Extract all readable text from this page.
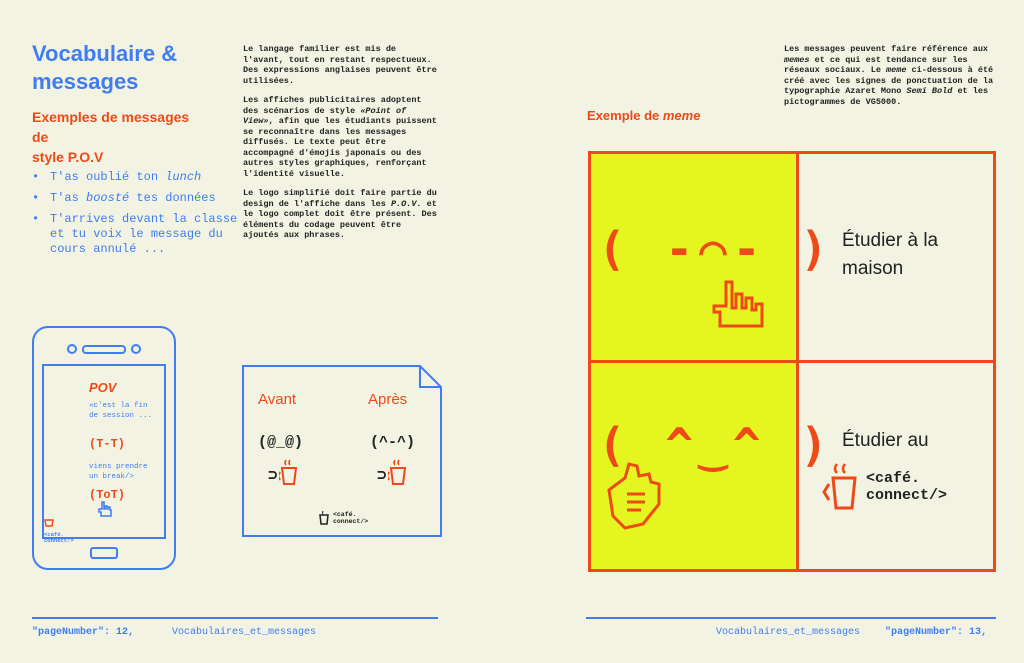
Vocabulaire &
messages
Exemples de messages de
style P.O.V
• T'as oublié ton lunch
• T'as boosté tes données
• T'arrives devant la classe et tu voix le message du cours annulé ...

Le langage familier est mis de l'avant, tout en restant respectueux. Des expressions anglaises peuvent être utilisées.

Les affiches publicitaires adoptent des scénarios de style «Point of View», afin que les étudiants puissent se reconnaître dans les messages diffusés. Le texte peut être accompagné d'émojis japonais ou des autres styles graphiques, renforçant l'identité visuelle.

Le logo simplifié doit faire partie du design de l'affiche dans les P.O.V. et le logo complet doit être présent. Des éléments du codage peuvent être ajoutés aux phrases.

POV
«c'est la fin de session ...
(T-T)
viens prendre un break/>
(ToT)
<café.
connect/>
Avant	Après
(@_@)	(^-^)
⊃	⊃
<café.
connect/>
"pageNumber": 12,	Vocabulaires_et_messages

Les messages peuvent faire référence aux memes et ce qui est tendance sur les réseaux sociaux. Le meme ci-dessous à été créé avec les signes de ponctuation de la typographie Azaret Mono Semi Bold et les pictogrammes de VG5000.

Exemple de meme
( -⌒- ) Étudier à la
maison
( ^‿^ ) Étudier au
<café.
connect/>
Vocabulaires_et_messages "pageNumber": 13,
